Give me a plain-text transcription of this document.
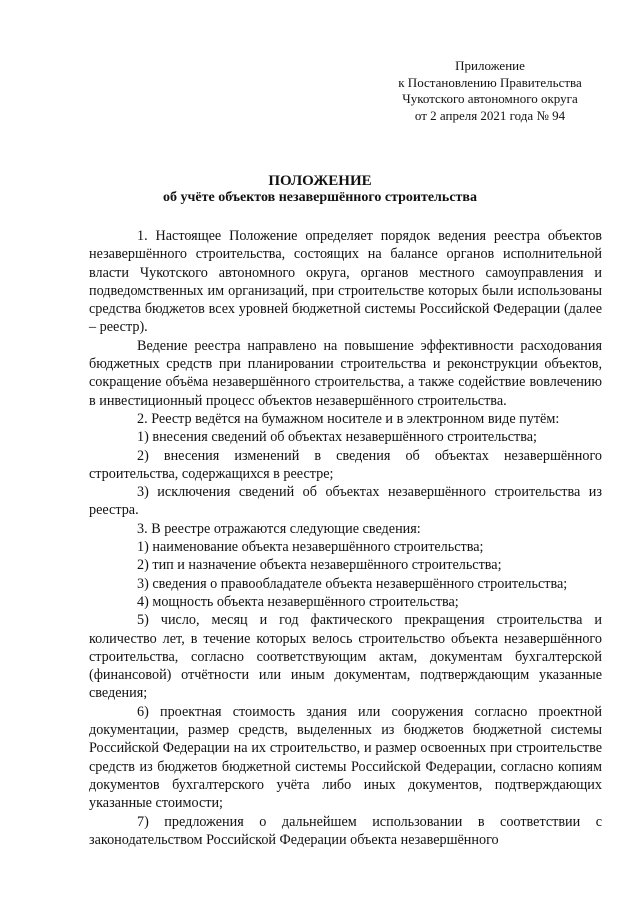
Приложение
к Постановлению Правительства
Чукотского автономного округа
от 2 апреля 2021 года № 94
ПОЛОЖЕНИЕ
об учёте объектов незавершённого строительства

1. Настоящее Положение определяет порядок ведения реестра объектов незавершённого строительства, состоящих на балансе органов исполнительной власти Чукотского автономного округа, органов местного самоуправления и подведомственных им организаций, при строительстве которых были использованы средства бюджетов всех уровней бюджетной системы Российской Федерации (далее – реестр).

Ведение реестра направлено на повышение эффективности расходования бюджетных средств при планировании строительства и реконструкции объектов, сокращение объёма незавершённого строительства, а также содействие вовлечению в инвестиционный процесс объектов незавершённого строительства.

2. Реестр ведётся на бумажном носителе и в электронном виде путём:

1) внесения сведений об объектах незавершённого строительства;

2) внесения изменений в сведения об объектах незавершённого строительства, содержащихся в реестре;

3) исключения сведений об объектах незавершённого строительства из реестра.

3. В реестре отражаются следующие сведения:

1) наименование объекта незавершённого строительства;

2) тип и назначение объекта незавершённого строительства;

3) сведения о правообладателе объекта незавершённого строительства;

4) мощность объекта незавершённого строительства;

5) число, месяц и год фактического прекращения строительства и количество лет, в течение которых велось строительство объекта незавершённого строительства, согласно соответствующим актам, документам бухгалтерской (финансовой) отчётности или иным документам, подтверждающим указанные сведения;

6) проектная стоимость здания или сооружения согласно проектной документации, размер средств, выделенных из бюджетов бюджетной системы Российской Федерации на их строительство, и размер освоенных при строительстве средств из бюджетов бюджетной системы Российской Федерации, согласно копиям документов бухгалтерского учёта либо иных документов, подтверждающих указанные стоимости;

7) предложения о дальнейшем использовании в соответствии с законодательством Российской Федерации объекта незавершённого
